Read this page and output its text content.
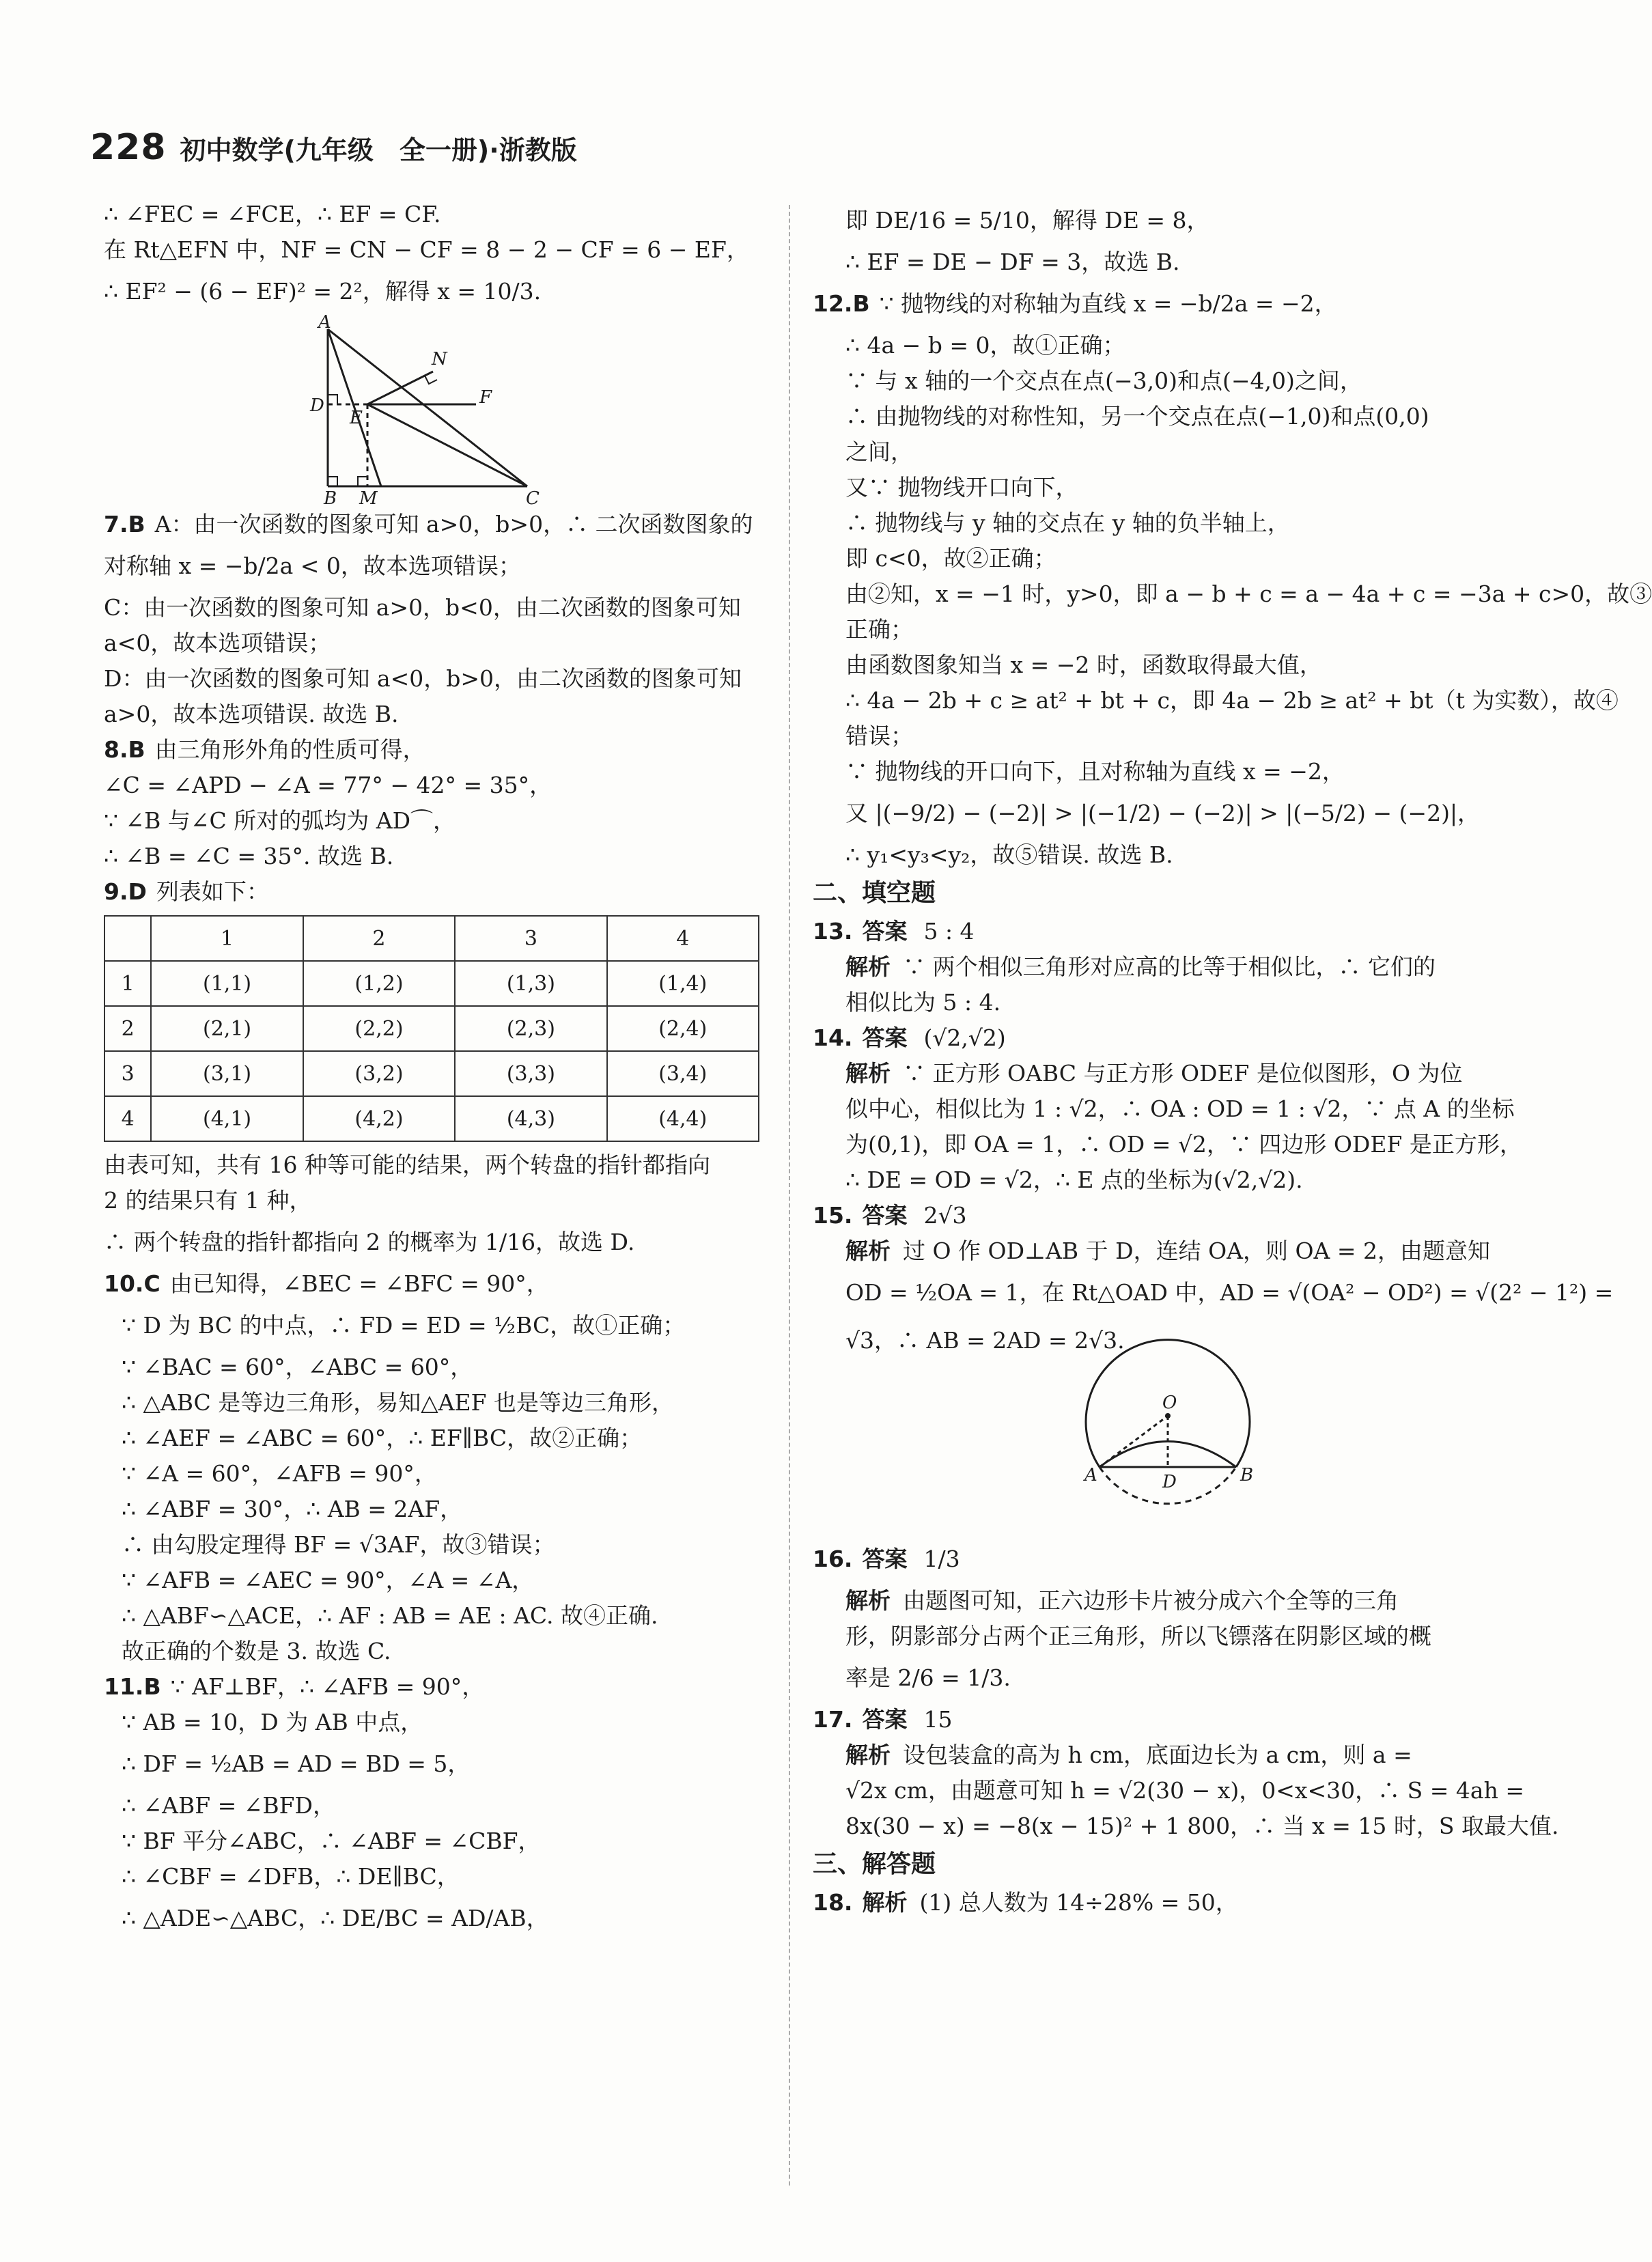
228 初中数学(九年级　全一册)·浙教版
∴ ∠FEC = ∠FCE，∴ EF = CF.
在 Rt△EFN 中，NF = CN − CF = 8 − 2 − CF = 6 − EF，
∴ EF² − (6 − EF)² = 2²，解得 x = 10/3.
A
N
D
E
F
B M	C
7.B A：由一次函数的图象可知 a>0，b>0，∴ 二次函数图象的
对称轴 x = −b/2a < 0，故本选项错误；
C：由一次函数的图象可知 a>0，b<0，由二次函数的图象可知
a<0，故本选项错误；
D：由一次函数的图象可知 a<0，b>0，由二次函数的图象可知
a>0，故本选项错误. 故选 B.
8.B 由三角形外角的性质可得，
∠C = ∠APD − ∠A = 77° − 42° = 35°，
∵ ∠B 与∠C 所对的弧均为 AD⌒，
∴ ∠B = ∠C = 35°. 故选 B.
9.D 列表如下：
	1	2	3	4
1	(1,1)	(1,2)	(1,3)	(1,4)
2	(2,1)	(2,2)	(2,3)	(2,4)
3	(3,1)	(3,2)	(3,3)	(3,4)
4	(4,1)	(4,2)	(4,3)	(4,4)
由表可知，共有 16 种等可能的结果，两个转盘的指针都指向
2 的结果只有 1 种，
∴ 两个转盘的指针都指向 2 的概率为 1/16，故选 D.
10.C 由已知得，∠BEC = ∠BFC = 90°，
∵ D 为 BC 的中点，∴ FD = ED = ½BC，故①正确；
∵ ∠BAC = 60°，∠ABC = 60°，
∴ △ABC 是等边三角形，易知△AEF 也是等边三角形，
∴ ∠AEF = ∠ABC = 60°，∴ EF∥BC，故②正确；
∵ ∠A = 60°，∠AFB = 90°，
∴ ∠ABF = 30°，∴ AB = 2AF，
∴ 由勾股定理得 BF = √3AF，故③错误；
∵ ∠AFB = ∠AEC = 90°，∠A = ∠A，
∴ △ABF∽△ACE，∴ AF : AB = AE : AC. 故④正确.
故正确的个数是 3. 故选 C.
11.B ∵ AF⊥BF，∴ ∠AFB = 90°，
∵ AB = 10，D 为 AB 中点，
∴ DF = ½AB = AD = BD = 5，
∴ ∠ABF = ∠BFD，
∵ BF 平分∠ABC，∴ ∠ABF = ∠CBF，
∴ ∠CBF = ∠DFB，∴ DE∥BC，
∴ △ADE∽△ABC，∴ DE/BC = AD/AB，
即 DE/16 = 5/10，解得 DE = 8，
∴ EF = DE − DF = 3，故选 B.
12.B ∵ 抛物线的对称轴为直线 x = −b/2a = −2，
∴ 4a − b = 0，故①正确；
∵ 与 x 轴的一个交点在点(−3,0)和点(−4,0)之间，
∴ 由抛物线的对称性知，另一个交点在点(−1,0)和点(0,0)
之间，
又∵ 抛物线开口向下，
∴ 抛物线与 y 轴的交点在 y 轴的负半轴上，
即 c<0，故②正确；
由②知，x = −1 时，y>0，即 a − b + c = a − 4a + c = −3a + c>0，故③
正确；
由函数图象知当 x = −2 时，函数取得最大值，
∴ 4a − 2b + c ≥ at² + bt + c，即 4a − 2b ≥ at² + bt（t 为实数），故④
错误；
∵ 抛物线的开口向下，且对称轴为直线 x = −2，
又 |(−9/2) − (−2)| > |(−1/2) − (−2)| > |(−5/2) − (−2)|，
∴ y₁<y₃<y₂，故⑤错误. 故选 B.
二、填空题
13. 答案 5 : 4
解析 ∵ 两个相似三角形对应高的比等于相似比，∴ 它们的
相似比为 5 : 4.
14. 答案 (√2,√2)
解析 ∵ 正方形 OABC 与正方形 ODEF 是位似图形，O 为位
似中心，相似比为 1 : √2，∴ OA : OD = 1 : √2，∵ 点 A 的坐标
为(0,1)，即 OA = 1，∴ OD = √2，∵ 四边形 ODEF 是正方形，
∴ DE = OD = √2，∴ E 点的坐标为(√2,√2).
15. 答案 2√3
解析 过 O 作 OD⊥AB 于 D，连结 OA，则 OA = 2，由题意知
OD = ½OA = 1，在 Rt△OAD 中，AD = √(OA² − OD²) = √(2² − 1²) =
√3，∴ AB = 2AD = 2√3.
O
A	D	B
16. 答案 1/3
解析 由题图可知，正六边形卡片被分成六个全等的三角
形，阴影部分占两个正三角形，所以飞镖落在阴影区域的概
率是 2/6 = 1/3.
17. 答案 15
解析 设包装盒的高为 h cm，底面边长为 a cm，则 a =
√2x cm，由题意可知 h = √2(30 − x)，0<x<30，∴ S = 4ah =
8x(30 − x) = −8(x − 15)² + 1 800，∴ 当 x = 15 时，S 取最大值.
三、解答题
18. 解析 (1) 总人数为 14÷28% = 50，
